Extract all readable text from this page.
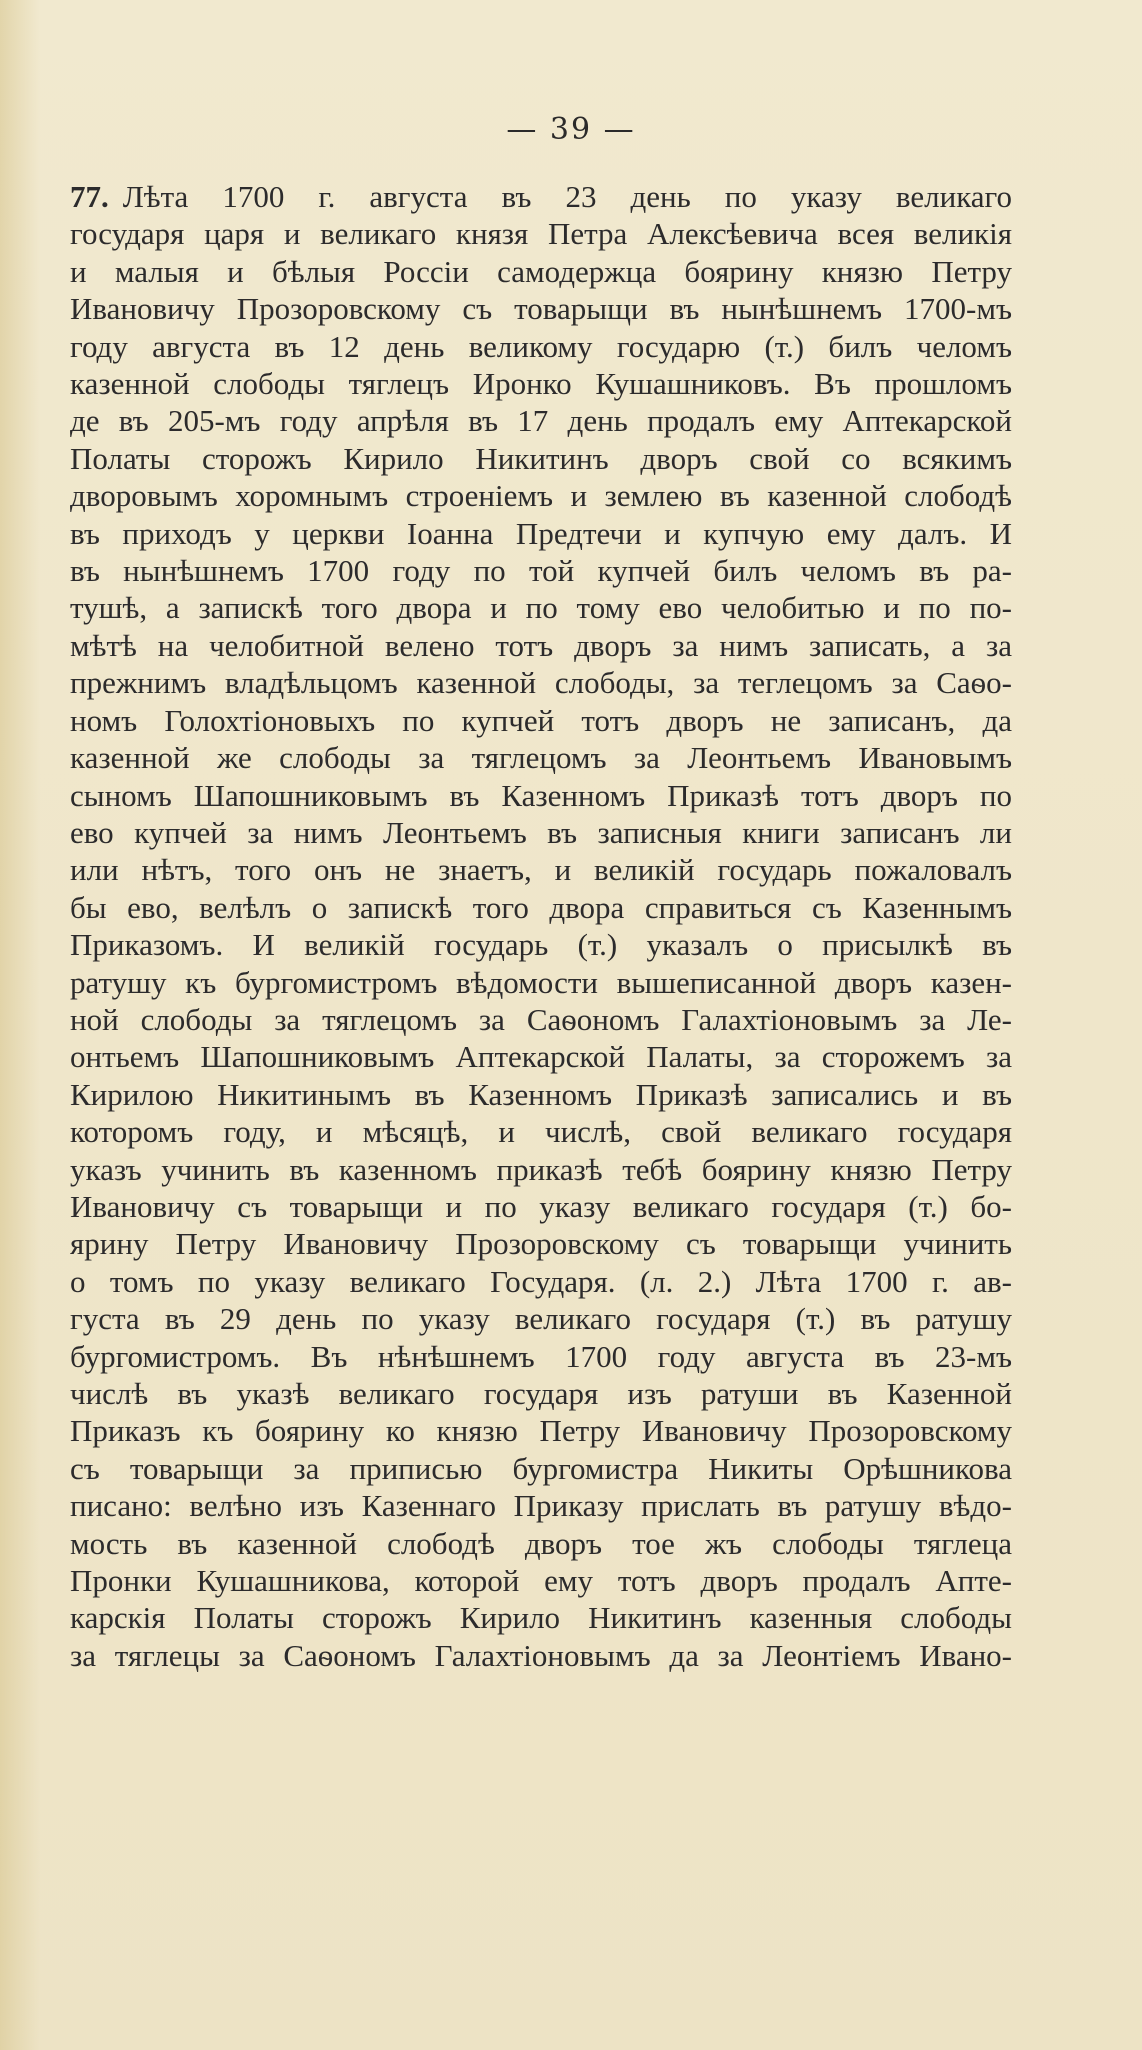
— 39 —
77. Лѣта 1700 г. августа въ 23 день по указу великаго
государя царя и великаго князя Петра Алексѣевича всея великія
и малыя и бѣлыя Россіи самодержца боярину князю Петру
Ивановичу Прозоровскому съ товарыщи въ нынѣшнемъ 1700-мъ
году августа въ 12 день великому государю (т.) билъ челомъ
казенной слободы тяглецъ Иронко Кушашниковъ. Въ прошломъ
де въ 205-мъ году апрѣля въ 17 день продалъ ему Аптекарской
Полаты сторожъ Кирило Никитинъ дворъ свой со всякимъ
дворовымъ хоромнымъ строеніемъ и землею въ казенной слободѣ
въ приходъ у церкви Іоанна Предтечи и купчую ему далъ. И
въ нынѣшнемъ 1700 году по той купчей билъ челомъ въ ра-
тушѣ, а запискѣ того двора и по тому ево челобитью и по по-
мѣтѣ на челобитной велено тотъ дворъ за нимъ записать, а за
прежнимъ владѣльцомъ казенной слободы, за теглецомъ за Саѳо-
номъ Голохтіоновыхъ по купчей тотъ дворъ не записанъ, да
казенной же слободы за тяглецомъ за Леонтьемъ Ивановымъ
сыномъ Шапошниковымъ въ Казенномъ Приказѣ тотъ дворъ по
ево купчей за нимъ Леонтьемъ въ записныя книги записанъ ли
или нѣтъ, того онъ не знаетъ, и великій государь пожаловалъ
бы ево, велѣлъ о запискѣ того двора справиться съ Казеннымъ
Приказомъ. И великій государь (т.) указалъ о присылкѣ въ
ратушу къ бургомистромъ вѣдомости вышеписанной дворъ казен-
ной слободы за тяглецомъ за Саѳономъ Галахтіоновымъ за Ле-
онтьемъ Шапошниковымъ Аптекарской Палаты, за сторожемъ за
Кирилою Никитинымъ въ Казенномъ Приказѣ записались и въ
которомъ году, и мѣсяцѣ, и числѣ, свой великаго государя
указъ учинить въ казенномъ приказѣ тебѣ боярину князю Петру
Ивановичу съ товарыщи и по указу великаго государя (т.) бо-
ярину Петру Ивановичу Прозоровскому съ товарыщи учинить
о томъ по указу великаго Государя. (л. 2.) Лѣта 1700 г. ав-
густа въ 29 день по указу великаго государя (т.) въ ратушу
бургомистромъ. Въ нѣнѣшнемъ 1700 году августа въ 23-мъ
числѣ въ указѣ великаго государя изъ ратуши въ Казенной
Приказъ къ боярину ко князю Петру Ивановичу Прозоровскому
съ товарыщи за приписью бургомистра Никиты Орѣшникова
писано: велѣно изъ Казеннаго Приказу прислать въ ратушу вѣдо-
мость въ казенной слободѣ дворъ тое жъ слободы тяглеца
Пронки Кушашникова, которой ему тотъ дворъ продалъ Аптe-
карскія Полаты сторожъ Кирило Никитинъ казенныя слободы
за тяглецы за Саѳономъ Галахтіоновымъ да за Леонтіемъ Ивано-
